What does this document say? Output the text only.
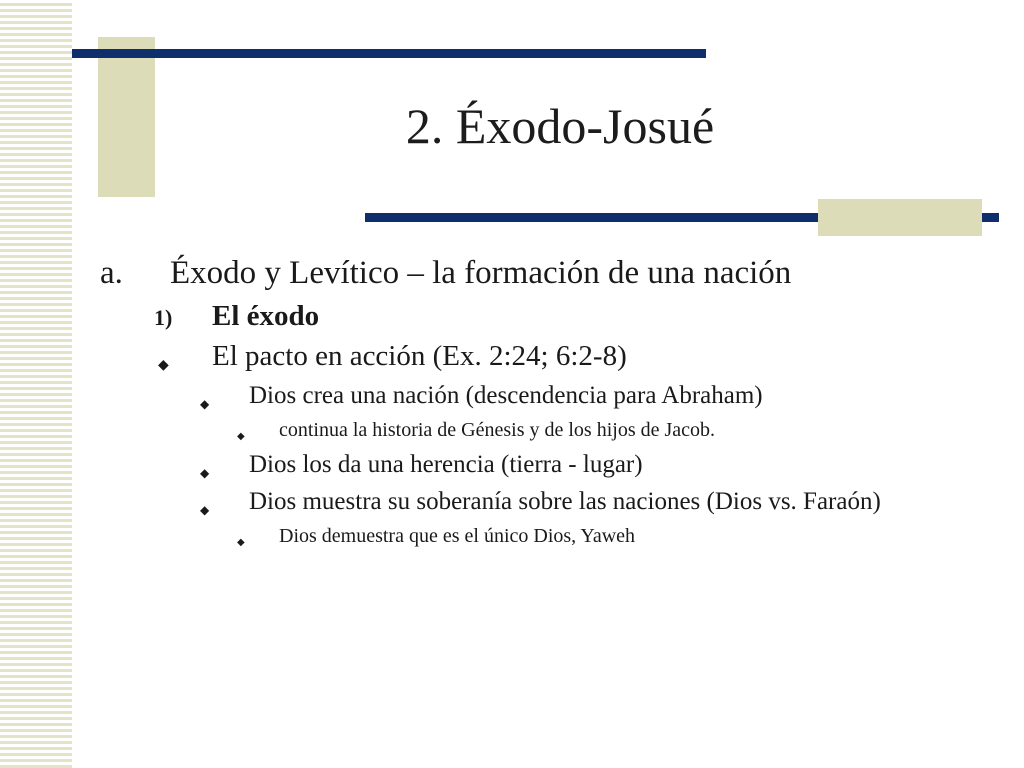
2. Éxodo-Josué
a. Éxodo y Levítico – la formación de una nación
1) El éxodo
◆ El pacto en acción (Ex. 2:24; 6:2-8)
◆ Dios crea una nación (descendencia para Abraham)
◆ continua la historia de Génesis y de los hijos de Jacob.
◆ Dios los da una herencia (tierra - lugar)
◆ Dios muestra su soberanía sobre las naciones (Dios vs. Faraón)
◆ Dios demuestra que es el único Dios, Yaweh
